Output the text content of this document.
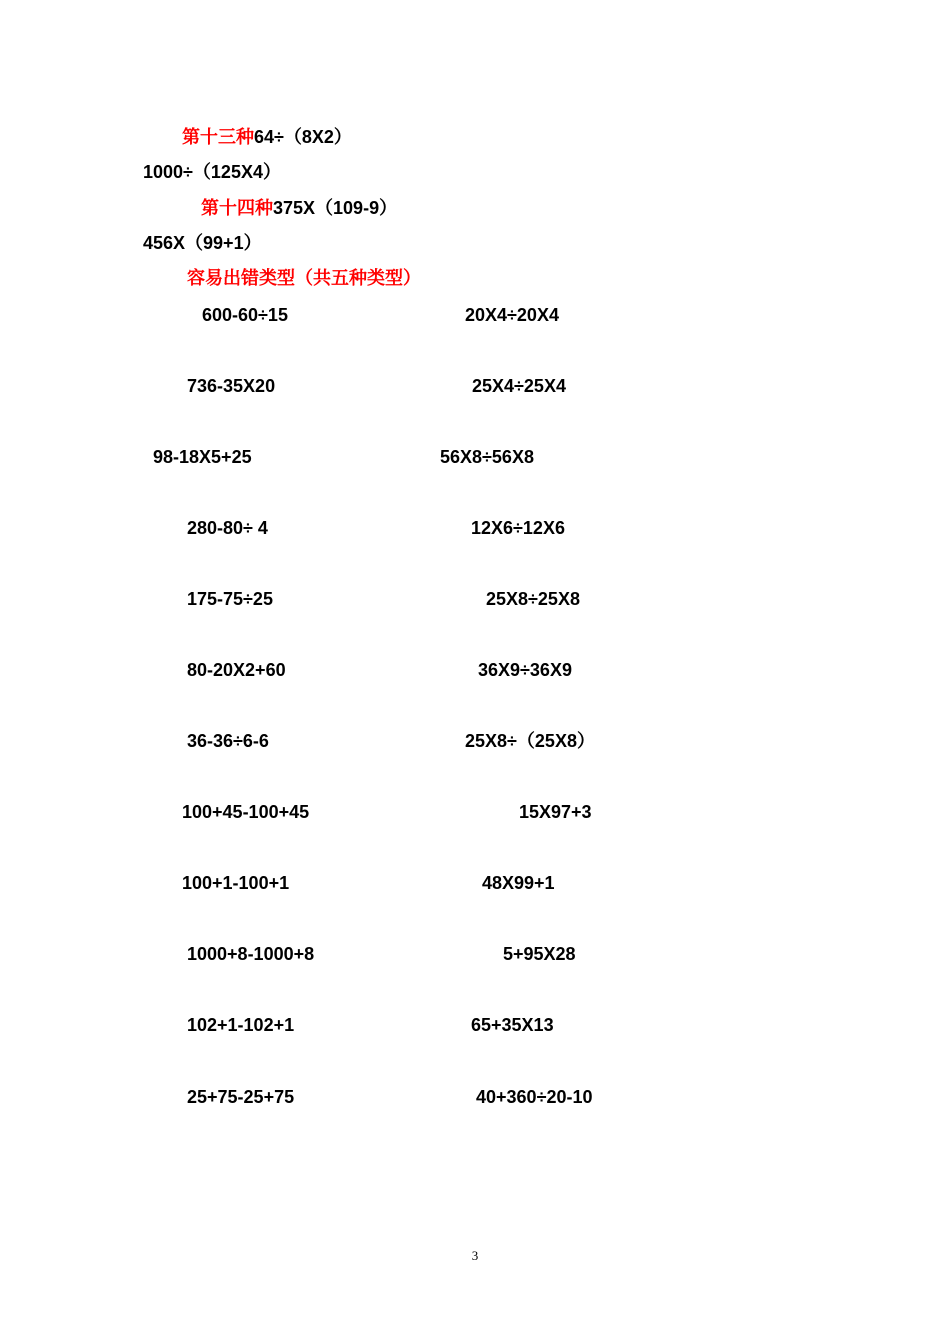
第十三种64÷（8X2）
1000÷（125X4）
第十四种375X（109-9）
456X（99+1）
容易出错类型（共五种类型）
600-60÷15
736-35X20
98-18X5+25
280-80÷ 4
175-75÷25
80-20X2+60
36-36÷6-6
100+45-100+45
100+1-100+1
1000+8-1000+8
102+1-102+1
25+75-25+75
20X4÷20X4
25X4÷25X4
56X8÷56X8
12X6÷12X6
25X8÷25X8
36X9÷36X9
25X8÷（25X8）
15X97+3
48X99+1
5+95X28
65+35X13
40+360÷20-10
3
